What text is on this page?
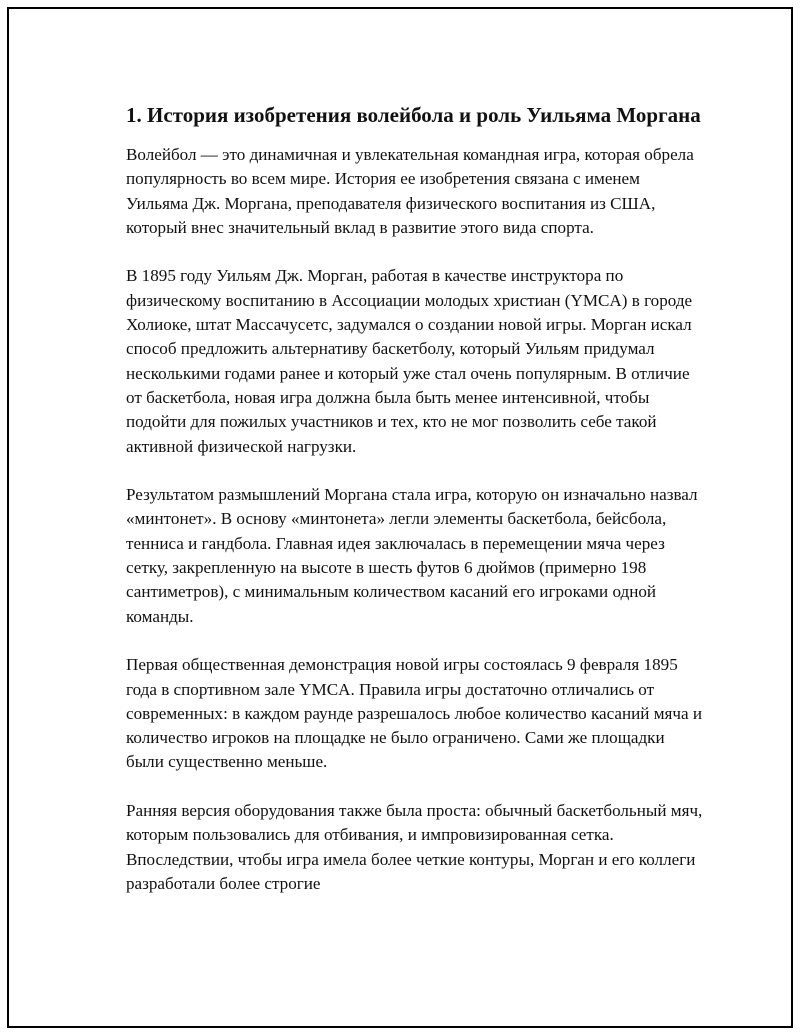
1. История изобретения волейбола и роль Уильяма Моргана

Волейбол — это динамичная и увлекательная командная игра, которая обрела популярность во всем мире. История ее изобретения связана с именем Уильяма Дж. Моргана, преподавателя физического воспитания из США, который внес значительный вклад в развитие этого вида спорта.

В 1895 году Уильям Дж. Морган, работая в качестве инструктора по физическому воспитанию в Ассоциации молодых христиан (YMCA) в городе Холиоке, штат Массачусетс, задумался о создании новой игры. Морган искал способ предложить альтернативу баскетболу, который Уильям придумал несколькими годами ранее и который уже стал очень популярным. В отличие от баскетбола, новая игра должна была быть менее интенсивной, чтобы подойти для пожилых участников и тех, кто не мог позволить себе такой активной физической нагрузки.

Результатом размышлений Моргана стала игра, которую он изначально назвал «минтонет». В основу «минтонета» легли элементы баскетбола, бейсбола, тенниса и гандбола. Главная идея заключалась в перемещении мяча через сетку, закрепленную на высоте в шесть футов 6 дюймов (примерно 198 сантиметров), с минимальным количеством касаний его игроками одной команды.

Первая общественная демонстрация новой игры состоялась 9 февраля 1895 года в спортивном зале YMCA. Правила игры достаточно отличались от современных: в каждом раунде разрешалось любое количество касаний мяча и количество игроков на площадке не было ограничено. Сами же площадки были существенно меньше.

Ранняя версия оборудования также была проста: обычный баскетбольный мяч, которым пользовались для отбивания, и импровизированная сетка. Впоследствии, чтобы игра имела более четкие контуры, Морган и его коллеги разработали более строгие
